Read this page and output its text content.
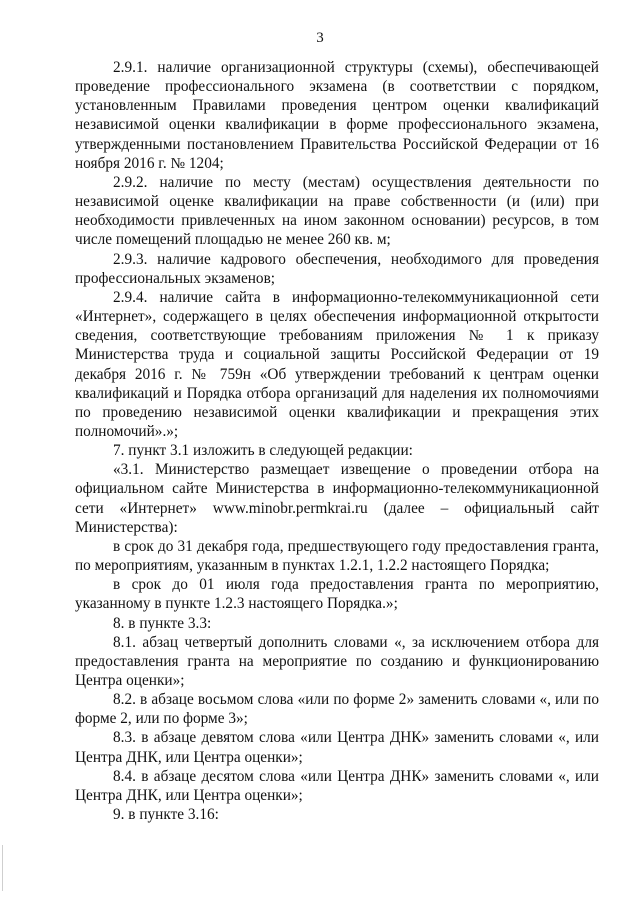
3

2.9.1. наличие организационной структуры (схемы), обеспечивающей проведение профессионального экзамена (в соответствии с порядком, установленным Правилами проведения центром оценки квалификаций независимой оценки квалификации в форме профессионального экзамена, утвержденными постановлением Правительства Российской Федерации от 16 ноября 2016 г. № 1204;

2.9.2. наличие по месту (местам) осуществления деятельности по независимой оценке квалификации на праве собственности (и (или) при необходимости привлеченных на ином законном основании) ресурсов, в том числе помещений площадью не менее 260 кв. м;

2.9.3. наличие кадрового обеспечения, необходимого для проведения профессиональных экзаменов;

2.9.4. наличие сайта в информационно-телекоммуникационной сети «Интернет», содержащего в целях обеспечения информационной открытости сведения, соответствующие требованиям приложения № 1 к приказу Министерства труда и социальной защиты Российской Федерации от 19 декабря 2016 г. № 759н «Об утверждении требований к центрам оценки квалификаций и Порядка отбора организаций для наделения их полномочиями по проведению независимой оценки квалификации и прекращения этих полномочий».»;

7. пункт 3.1 изложить в следующей редакции:

«3.1. Министерство размещает извещение о проведении отбора на официальном сайте Министерства в информационно-телекоммуникационной сети «Интернет» www.minobr.permkrai.ru (далее – официальный сайт Министерства):

в срок до 31 декабря года, предшествующего году предоставления гранта, по мероприятиям, указанным в пунктах 1.2.1, 1.2.2 настоящего Порядка;

в срок до 01 июля года предоставления гранта по мероприятию, указанному в пункте 1.2.3 настоящего Порядка.»;

8. в пункте 3.3:

8.1. абзац четвертый дополнить словами «, за исключением отбора для предоставления гранта на мероприятие по созданию и функционированию Центра оценки»;

8.2. в абзаце восьмом слова «или по форме 2» заменить словами «, или по форме 2, или по форме 3»;

8.3. в абзаце девятом слова «или Центра ДНК» заменить словами «, или Центра ДНК, или Центра оценки»;

8.4. в абзаце десятом слова «или Центра ДНК» заменить словами «, или Центра ДНК, или Центра оценки»;

9. в пункте 3.16:
